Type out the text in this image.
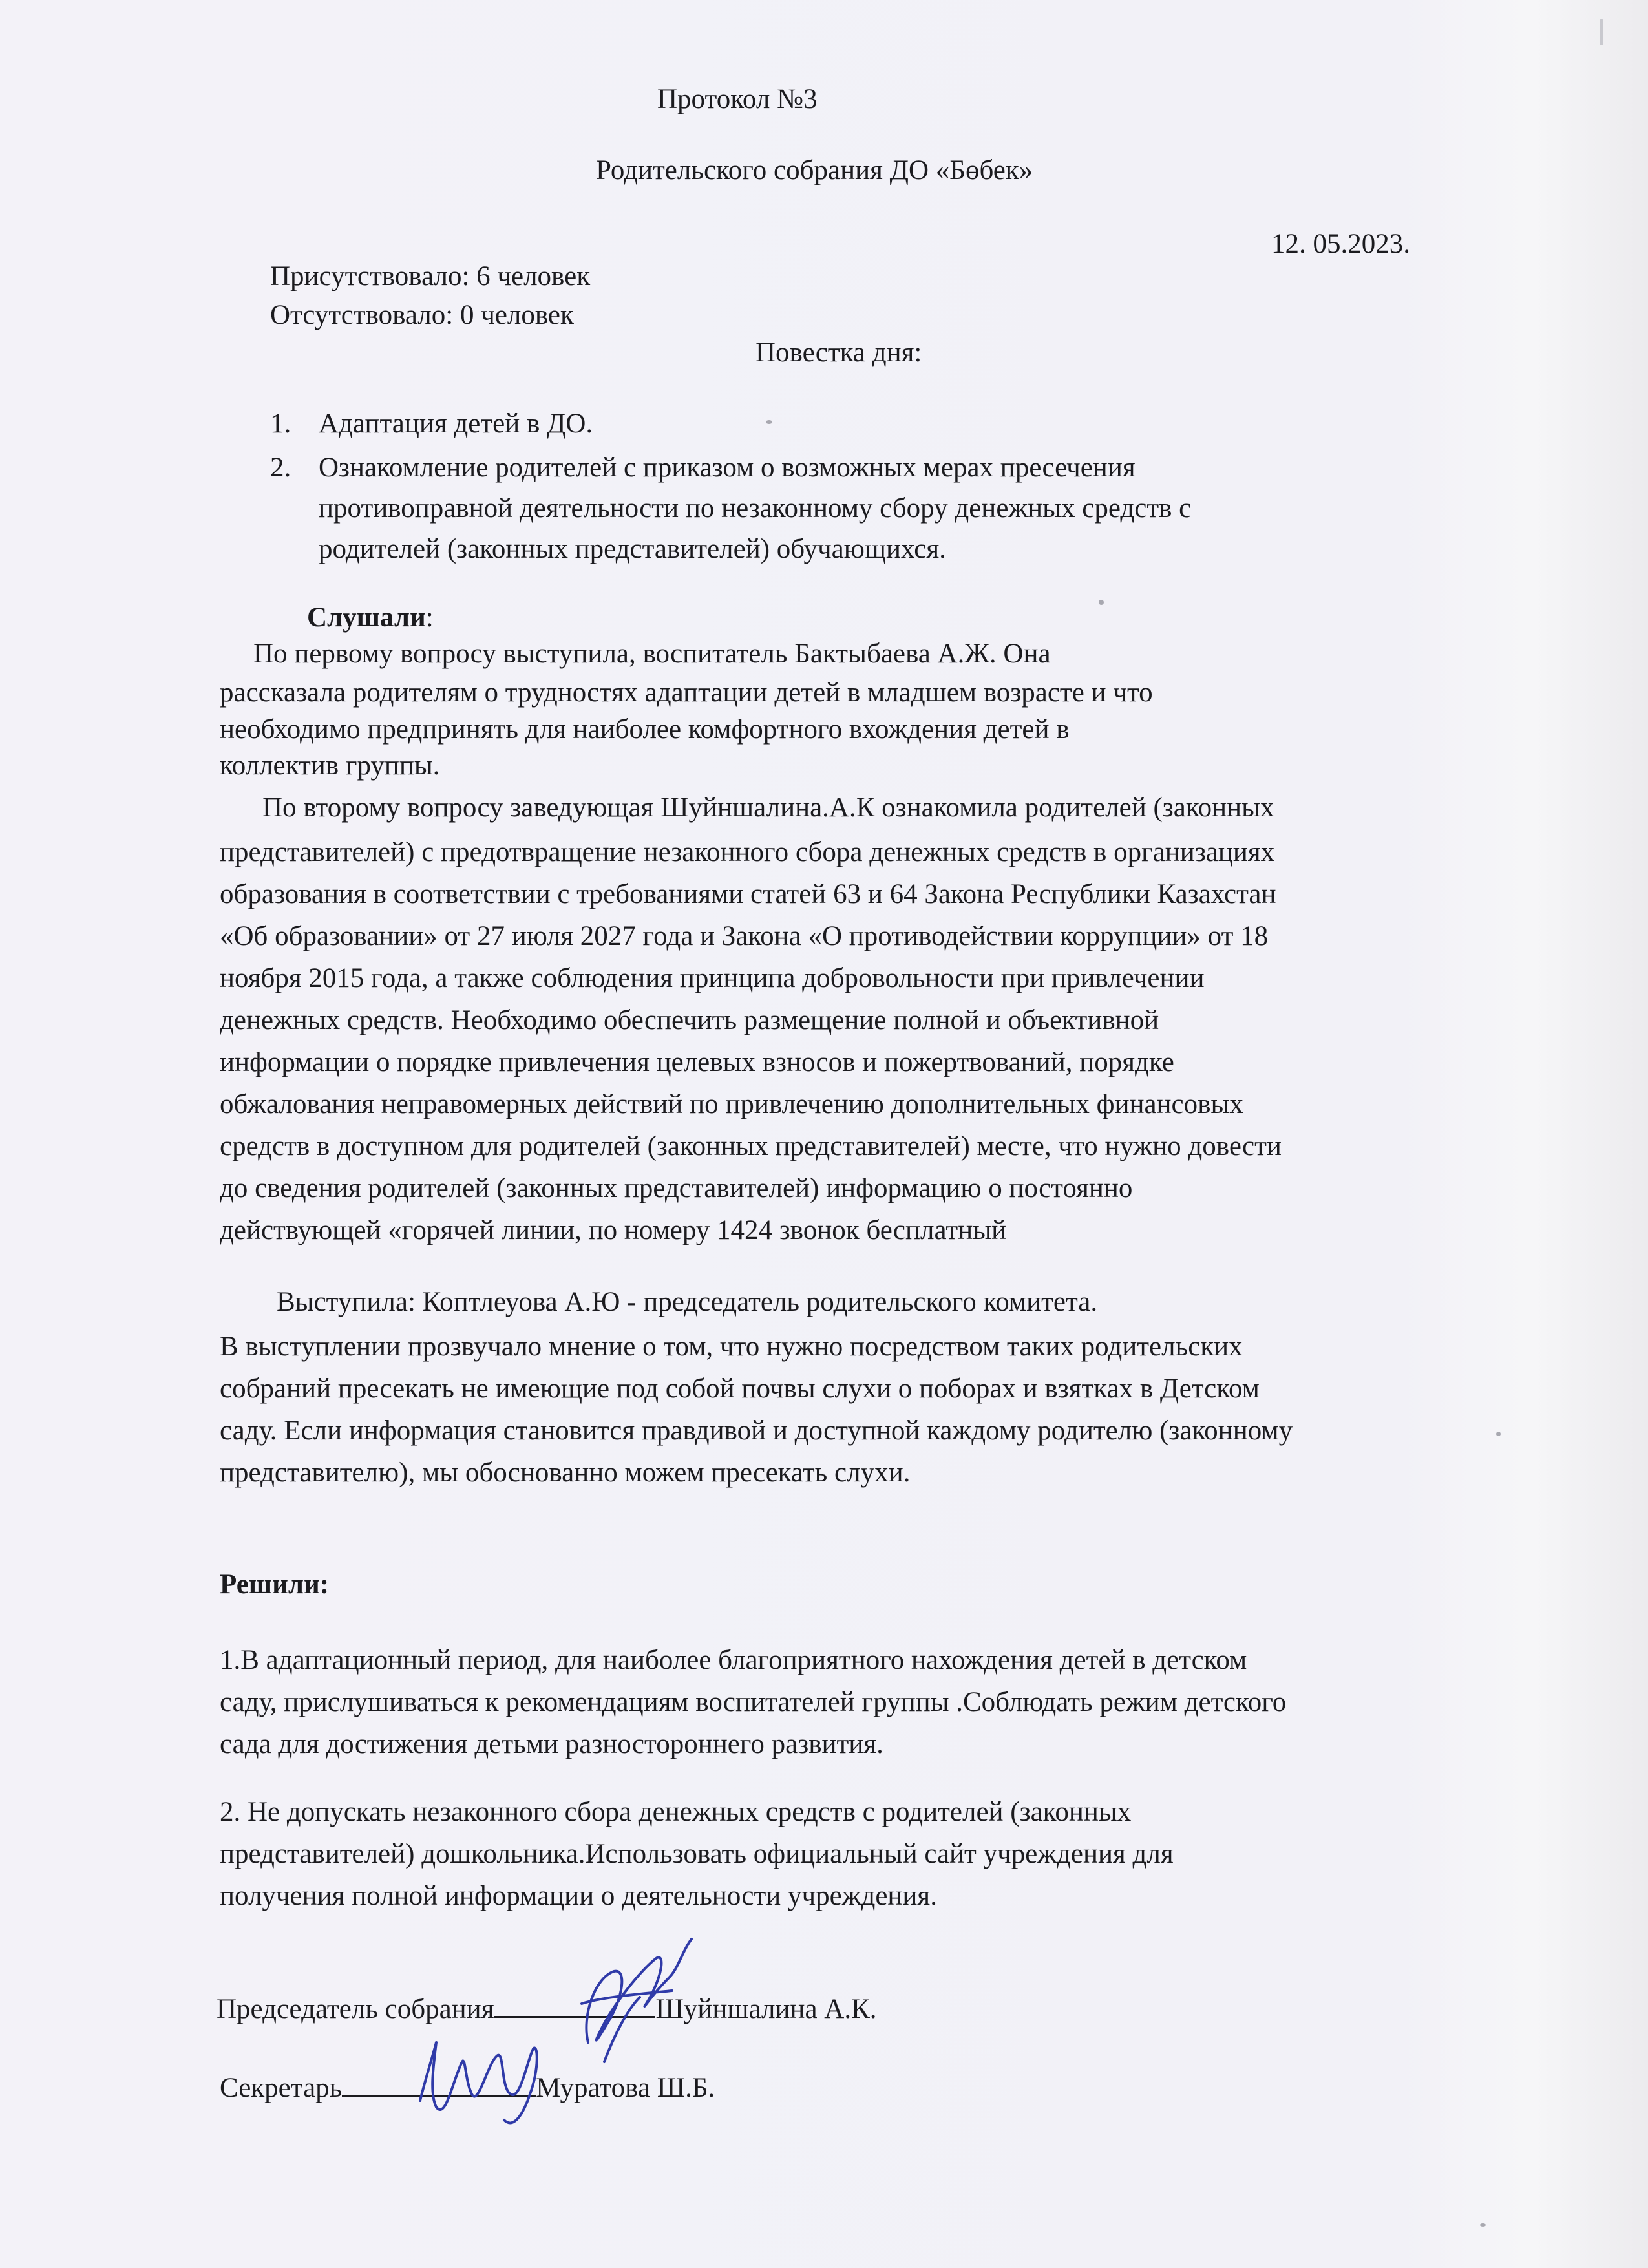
Протокол №3
Родительского собрания ДО «Бөбек»
12. 05.2023.
Присутствовало: 6 человек
Отсутствовало: 0 человек
Повестка дня:
1. Адаптация детей в ДО.
2. Ознакомление родителей с приказом о возможных мерах пресечения
противоправной деятельности по незаконному сбору денежных средств с
родителей (законных представителей) обучающихся.
Слушали:
По первому вопросу выступила, воспитатель Бактыбаева А.Ж. Она
рассказала родителям о трудностях адаптации детей в младшем возрасте и что
необходимо предпринять для наиболее комфортного вхождения детей в
коллектив группы.
По второму вопросу заведующая Шуйншалина.А.К ознакомила родителей (законных
представителей) с предотвращение незаконного сбора денежных средств в организациях
образования в соответствии с требованиями статей 63 и 64 Закона Республики Казахстан
«Об образовании» от 27 июля 2027 года и Закона «О противодействии коррупции» от 18
ноября 2015 года, а также соблюдения принципа добровольности при привлечении
денежных средств. Необходимо обеспечить размещение полной и объективной
информации о порядке привлечения целевых взносов и пожертвований, порядке
обжалования неправомерных действий по привлечению дополнительных финансовых
средств в доступном для родителей (законных представителей) месте, что нужно довести
до сведения родителей (законных представителей) информацию о постоянно
действующей «горячей линии, по номеру 1424 звонок бесплатный
Выступила: Коптлеуова А.Ю - председатель родительского комитета.
В выступлении прозвучало мнение о том, что нужно посредством таких родительских
собраний пресекать не имеющие под собой почвы слухи о поборах и взятках в Детском
саду. Если информация становится правдивой и доступной каждому родителю (законному
представителю), мы обоснованно можем пресекать слухи.
Решили:
1.В адаптационный период, для наиболее благоприятного нахождения детей в детском
саду, прислушиваться к рекомендациям воспитателей группы .Соблюдать режим детского
сада для достижения детьми разностороннего развития.
2. Не допускать незаконного сбора денежных средств с родителей (законных
представителей) дошкольника.Использовать официальный сайт учреждения для
получения полной информации о деятельности учреждения.
Председатель собрания	Шуйншалина А.К.
Секретарь	Муратова Ш.Б.
